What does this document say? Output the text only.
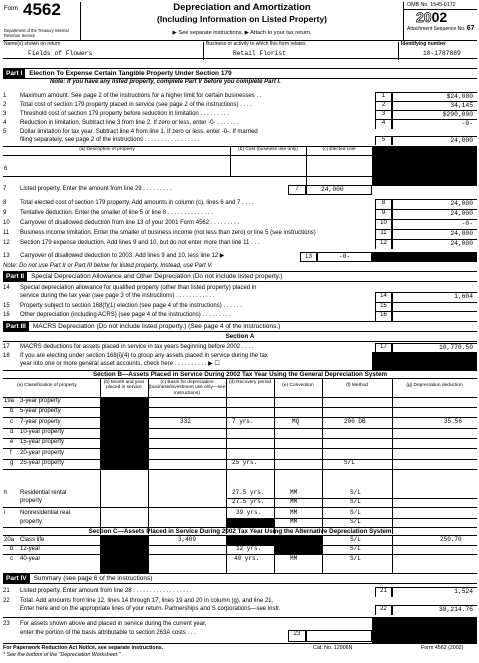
Form 4562
Department of the Treasury Internal Revenue Service
Depreciation and Amortization
(Including Information on Listed Property)
▶ See separate instructions. ▶ Attach to your tax return.
OMB No. 1545-0172
2002
Attachment Sequence No. 67
Name(s) shown on return
Fields of Flowers
Business or activity to which this form relates
Retail Florist
Identifying number
10-1787889
Part I Election To Expense Certain Tangible Property Under Section 179
Note: If you have any listed property, complete Part V before you complete Part I.
1 Maximum amount. See page 2 of the instructions for a higher limit for certain businesses . .	1	$24,000
2 Total cost of section 179 property placed in service (see page 2 of the instructions) . . . .	2	34,145
3 Threshold cost of section 179 property before reduction in limitation . . . . . . . . .	3	$200,000
4 Reduction in limitation. Subtract line 3 from line 2. If zero or less, enter -0- . . . . . . .	4	-0-
5 Dollar limitation for tax year. Subtract line 4 from line 1. If zero or less, enter -0-. If married
filing separately, see page 2 of the instructions . . . . . . . . . . . . . . . . .	5	24,000
(a) Description of property	(b) Cost (business use only)	(c) Elected cost
6
7 Listed property. Enter the amount from line 29 . . . . . . . . .	7	24,000
8 Total elected cost of section 179 property. Add amounts in column (c), lines 6 and 7 . . . .	8	24,000
9 Tentative deduction. Enter the smaller of line 5 or line 8 . . . . . . . . . . . . . .	9	24,000
10 Carryover of disallowed deduction from line 13 of your 2001 Form 4562 . . . . . . . . .	10	-0-
11 Business income limitation. Enter the smaller of business income (not less than zero) or line 5 (see instructions)	11	24,000
12 Section 179 expense deduction. Add lines 9 and 10, but do not enter more than line 11 . . .	12	24,000
13 Carryover of disallowed deduction to 2003. Add lines 9 and 10, less line 12 ▶	13	-0-
Note: Do not use Part II or Part III below for listed property. Instead, use Part V.
Part II Special Depreciation Allowance and Other Depreciation (Do not include listed property.)
14 Special depreciation allowance for qualified property (other than listed property) placed in
service during the tax year (see page 3 of the instructions) . . . . . . . . . . . .	14	1,604
15 Property subject to section 168(f)(1) election (see page 4 of the instructions) . . . . . .	15
16 Other depreciation (including ACRS) (see page 4 of the instructions) . . . . . . . . .	16
Part III MACRS Depreciation (Do not include listed property.) (See page 4 of the instructions.)
Section A
17 MACRS deductions for assets placed in service in tax years beginning before 2002 . . . .	17	10,770.50
18 If you are electing under section 168(i)(4) to group any assets placed in service during the tax
year into one or more general asset accounts, check here . . . . . . . . . . ▶ ☐
Section B—Assets Placed in Service During 2002 Tax Year Using the General Depreciation System
(a) Classification of property
(b) Month and year placed in service
(c) Basis for depreciation (business/investment use only—see instructions)
(d) Recovery period
(e) Convention	(f) Method	(g) Depreciation deduction
19a 3-year property
b 5-year property
c 7-year property	332	7 yrs.	MQ	200 DB	35.56
d 10-year property
e 15-year property
f 20-year property
g 25-year property	25 yrs.	S/L
h Residential rental
property
27.5 yrs.	MM	S/L
27.5 yrs.	MM	S/L
i Nonresidential real
property
39 yrs.	MM	S/L
MM	S/L
Section C—Assets Placed in Service During 2002 Tax Year Using the Alternative Depreciation System
20a Class life	3,409	S/L	250.70
b 12-year	12 yrs.	S/L
c 40-year	40 yrs.	MM	S/L
Part IV Summary (see page 6 of the instructions)
21 Listed property. Enter amount from line 28 . . . . . . . . . . . . . . . . . .	21	1,524
22 Total. Add amounts from line 12, lines 14 through 17, lines 19 and 20 in column (g), and line 21.
Enter here and on the appropriate lines of your return. Partnerships and S corporations—see instr.	22	38,214.76
23 For assets shown above and placed in service during the current year,
enter the portion of the basis attributable to section 263A costs . . .	23
For Paperwork Reduction Act Notice, see separate instructions.	Cat. No. 12906N	Form 4562 (2002)
* See the bottom of the "Depreciation Worksheet."
